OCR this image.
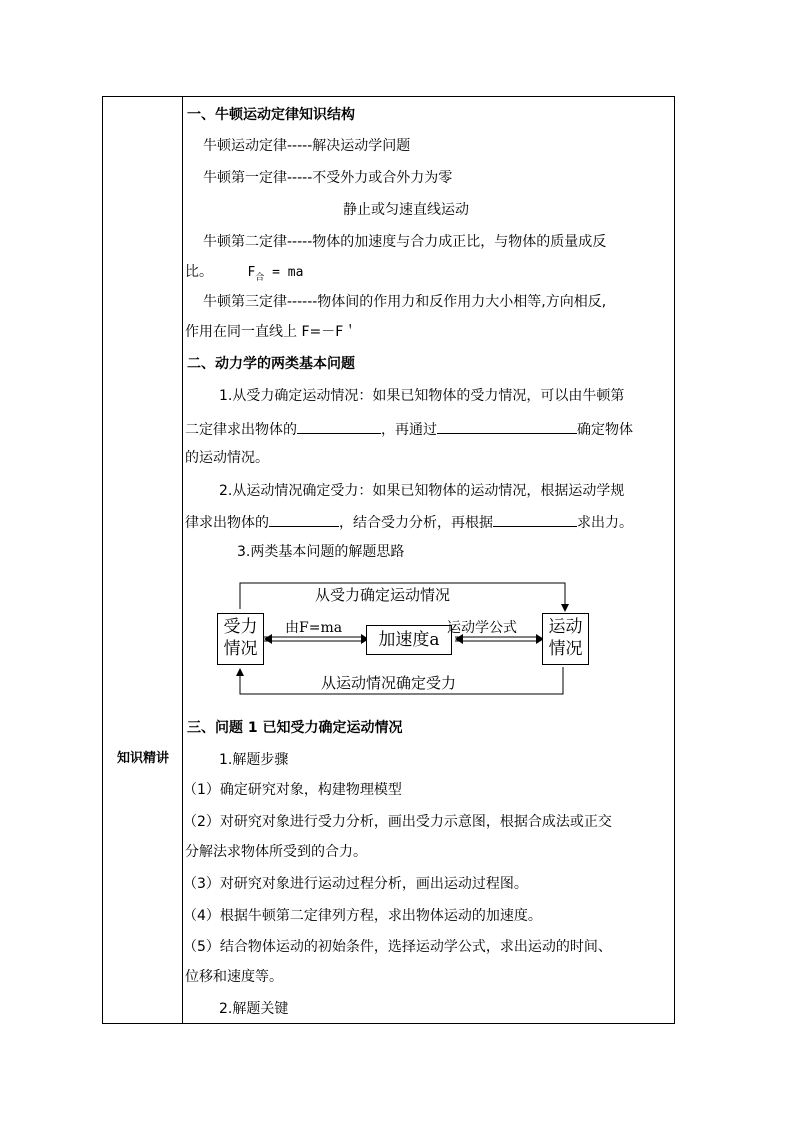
知识精讲
一、牛顿运动定律知识结构
牛顿运动定律-----解决运动学问题
牛顿第一定律-----不受外力或合外力为零
静止或匀速直线运动
牛顿第二定律-----物体的加速度与合力成正比，与物体的质量成反
比。	$F_合$ = ma
牛顿第三定律------物体间的作用力和反作用力大小相等,方向相反,
作用在同一直线上 F=－F＇
二、动力学的两类基本问题
1.从受力确定运动情况：如果已知物体的受力情况，可以由牛顿第
二定律求出物体的	，再通过	确定物体
的运动情况。
2.从运动情况确定受力：如果已知物体的运动情况，根据运动学规
律求出物体的	，结合受力分析，再根据	求出力。
3.两类基本问题的解题思路
从受力确定运动情况
从运动情况确定受力
受力
情况	加速度a
运动
情况
由F=ma	运动学公式
三、问题 1 已知受力确定运动情况
1.解题步骤
（1）确定研究对象，构建物理模型
（2）对研究对象进行受力分析，画出受力示意图，根据合成法或正交
分解法求物体所受到的合力。
（3）对研究对象进行运动过程分析，画出运动过程图。
（4）根据牛顿第二定律列方程，求出物体运动的加速度。
（5）结合物体运动的初始条件，选择运动学公式，求出运动的时间、
位移和速度等。
2.解题关键
